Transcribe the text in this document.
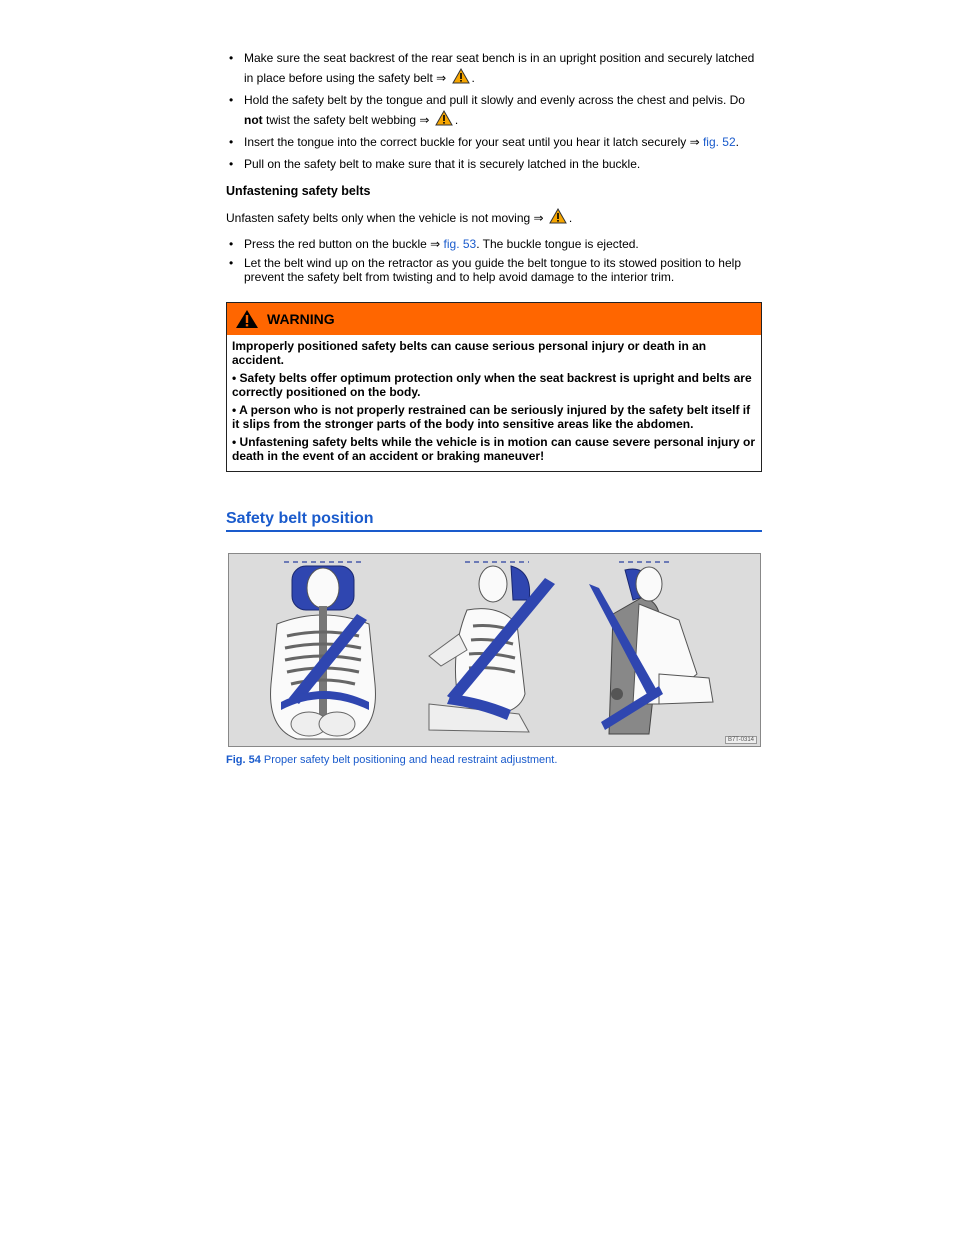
• Make sure the seat backrest of the rear seat bench is in an upright position and securely latched in place before using the safety belt ⇒ .
• Hold the safety belt by the tongue and pull it slowly and evenly across the chest and pelvis. Do not twist the safety belt webbing ⇒ .
• Insert the tongue into the correct buckle for your seat until you hear it latch securely ⇒ fig. 52.
• Pull on the safety belt to make sure that it is securely latched in the buckle.
Unfastening safety belts
Unfasten safety belts only when the vehicle is not moving ⇒ .
• Press the red button on the buckle ⇒ fig. 53. The buckle tongue is ejected.
• Let the belt wind up on the retractor as you guide the belt tongue to its stowed position to help prevent the safety belt from twisting and to help avoid damage to the interior trim.
WARNING
Improperly positioned safety belts can cause serious personal injury or death in an accident.
• Safety belts offer optimum protection only when the seat backrest is upright and belts are correctly positioned on the body.
• A person who is not properly restrained can be seriously injured by the safety belt itself if it slips from the stronger parts of the body into sensitive areas like the abdomen.
• Unfastening safety belts while the vehicle is in motion can cause severe personal injury or death in the event of an accident or braking maneuver!
Safety belt position
B7T-0314
Fig. 54 Proper safety belt positioning and head restraint adjustment.
